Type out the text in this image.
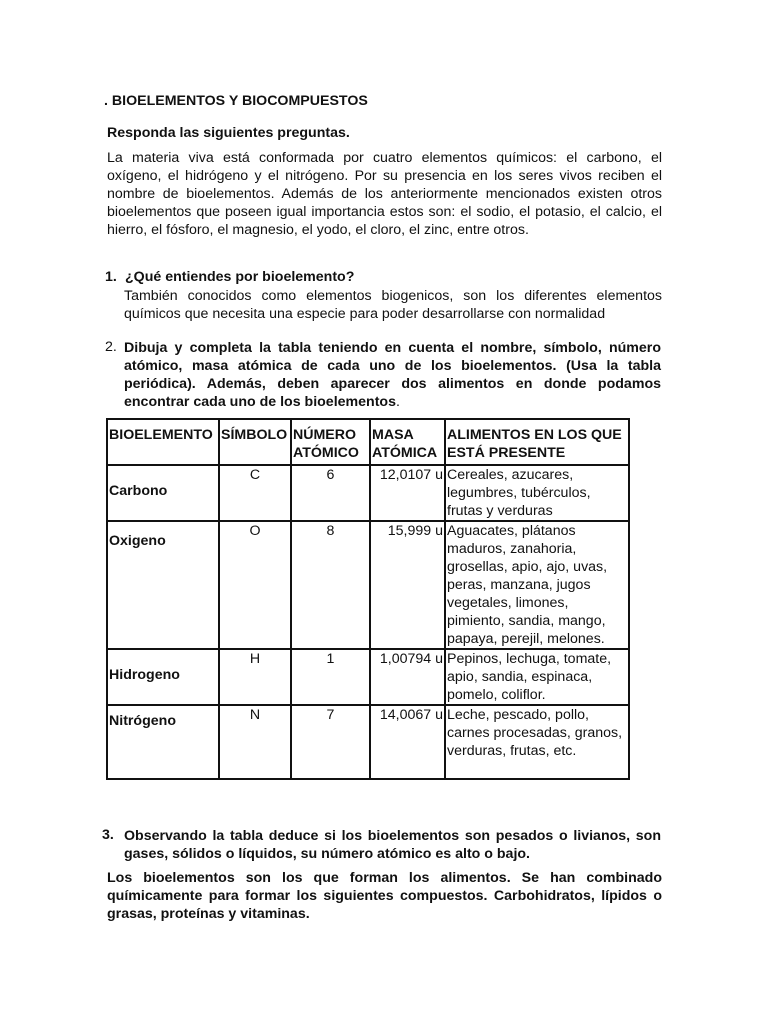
. BIOELEMENTOS Y BIOCOMPUESTOS
Responda las siguientes preguntas.
La materia viva está conformada por cuatro elementos químicos: el carbono, el oxígeno, el hidrógeno y el nitrógeno. Por su presencia en los seres vivos reciben el nombre de bioelementos. Además de los anteriormente mencionados existen otros bioelementos que poseen igual importancia estos son: el sodio, el potasio, el calcio, el hierro, el fósforo, el magnesio, el yodo, el cloro, el zinc, entre otros.
1. ¿Qué entiendes por bioelemento?
También conocidos como elementos biogenicos, son los diferentes elementos químicos que necesita una especie para poder desarrollarse con normalidad
2. Dibuja y completa la tabla teniendo en cuenta el nombre, símbolo, número atómico, masa atómica de cada uno de los bioelementos. (Usa la tabla periódica). Además, deben aparecer dos alimentos en donde podamos encontrar cada uno de los bioelementos.
BIOELEMENTO	SÍMBOLO	NÚMERO ATÓMICO	MASA ATÓMICA	ALIMENTOS EN LOS QUE ESTÁ PRESENTE
Carbono	C	6	12,0107 u	Cereales, azucares, legumbres, tubérculos, frutas y verduras
Oxigeno	O	8	15,999 u	Aguacates, plátanos maduros, zanahoria, grosellas, apio, ajo, uvas, peras, manzana, jugos vegetales, limones, pimiento, sandia, mango, papaya, perejil, melones.
Hidrogeno	H	1	1,00794 u	Pepinos, lechuga, tomate, apio, sandia, espinaca, pomelo, coliflor.
Nitrógeno	N	7	14,0067 u	Leche, pescado, pollo, carnes procesadas, granos, verduras, frutas, etc.
3. Observando la tabla deduce si los bioelementos son pesados o livianos, son gases, sólidos o líquidos, su número atómico es alto o bajo.
Los bioelementos son los que forman los alimentos. Se han combinado químicamente para formar los siguientes compuestos. Carbohidratos, lípidos o grasas, proteínas y vitaminas.
